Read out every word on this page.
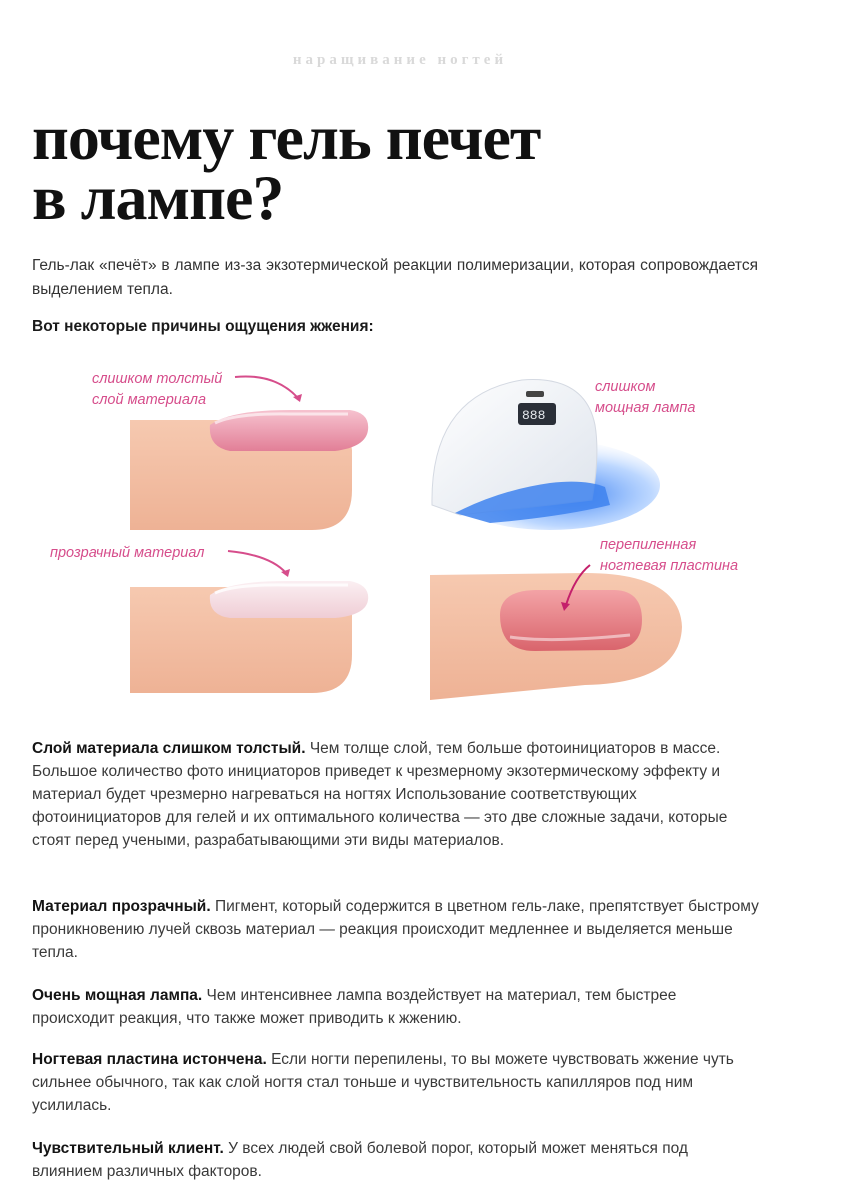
наращивание ногтей
почему гель печет
в лампе?

Гель-лак «печёт» в лампе из-за экзотермической реакции полимеризации, которая сопровождается выделением тепла.

Вот некоторые причины ощущения жжения:

888
слишком толстый
слой материала
прозрачный материал
слишком
мощная лампа
перепиленная
ногтевая пластина

Слой материала слишком толстый. Чем толще слой, тем больше фотоинициаторов в массе. Большое количество фото инициаторов приведет к чрезмерному экзотермическому эффекту и материал будет чрезмерно нагреваться на ногтях Использование соответствующих фотоинициаторов для гелей и их оптимального количества — это две сложные задачи, которые стоят перед учеными, разрабатывающими эти виды материалов.

Материал прозрачный. Пигмент, который содержится в цветном гель-лаке, препятствует быстрому проникновению лучей сквозь материал — реакция происходит медленнее и выделяется меньше тепла.

Очень мощная лампа. Чем интенсивнее лампа воздействует на материал, тем быстрее происходит реакция, что также может приводить к жжению.

Ногтевая пластина истончена. Если ногти перепилены, то вы можете чувствовать жжение чуть сильнее обычного, так как слой ногтя стал тоньше и чувствительность капилляров под ним усилилась.

Чувствительный клиент. У всех людей свой болевой порог, который может меняться под влиянием различных факторов.
